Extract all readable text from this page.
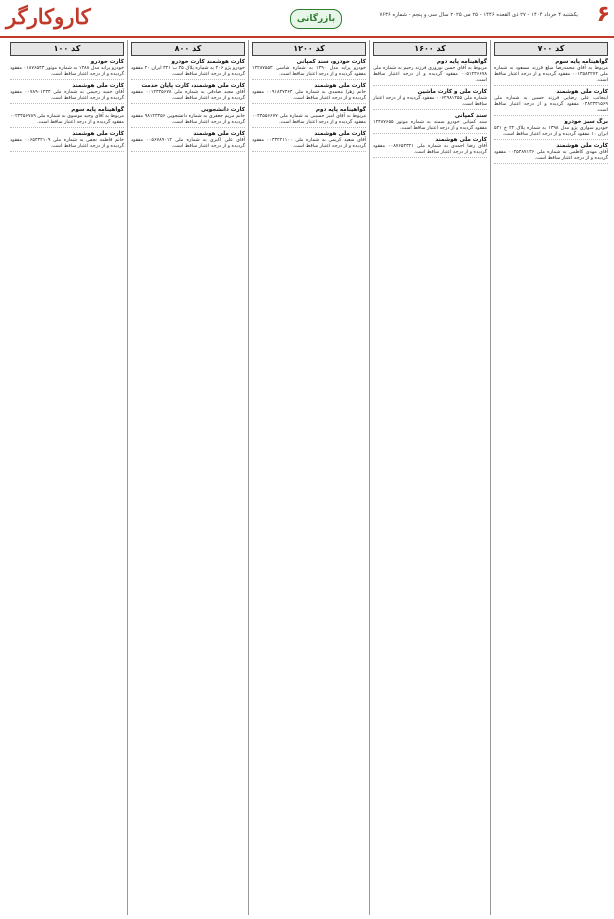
۶
یکشنبه ۴ خرداد ۱۴۰۴ - ۲۷ ذی القعده ۱۴۴۶ - ۲۵ می ۲۰۲۵ سال سی و پنجم - شماره ۷۶۳۶
بازرگانی
کاروکارگر
کد ۷۰۰
گواهینامه پایه سوم
مربوط به آقای محمدرضا مبلغ فرزند مسعود به شماره ملی ۰۰۱۳۵۸۲۲۷۴ مفقود گردیده و از درجه اعتبار ساقط است.
کارت ملی هوشمند
اینجانب علی رضایی فرزند حسین به شماره ملی ۰۴۸۲۳۳۱۵۶۹ مفقود گردیده و از درجه اعتبار ساقط است.
برگ سبز خودرو
خودرو سواری پژو مدل ۱۳۹۸ به شماره پلاک ۲۲ ج ۵۴۱ ایران ۱۰ مفقود گردیده و از درجه اعتبار ساقط است.
کارت ملی هوشمند
آقای مهدی کاظمی به شماره ملی ۰۰۲۵۴۸۷۱۳۶ مفقود گردیده و از درجه اعتبار ساقط است.
کد ۱۶۰۰
گواهینامه پایه دوم
مربوط به آقای حسن نوروزی فرزند رحیم به شماره ملی ۰۰۵۱۲۳۶۶۷۸ مفقود گردیده و از درجه اعتبار ساقط است.
کارت ملی و کارت ماشین
شماره ملی ۰۰۶۲۹۸۱۴۵۵ مفقود گردیده و از درجه اعتبار ساقط است.
سند کمپانی
سند کمپانی خودرو سمند به شماره موتور ۱۲۴۸۷۶۵۵ مفقود گردیده و از درجه اعتبار ساقط است.
کارت ملی هوشمند
آقای رضا احمدی به شماره ملی ۰۰۸۷۶۵۴۳۲۱ مفقود گردیده و از درجه اعتبار ساقط است.
کد ۱۲۰۰
کارت خودرو، سند کمپانی
خودرو پراید مدل ۱۳۹۰ به شماره شاسی ۱۴۲۸۷۵۵۳ مفقود گردیده و از درجه اعتبار ساقط است.
کارت ملی هوشمند
خانم زهرا محمدی به شماره ملی ۰۰۹۱۸۲۷۳۶۴ مفقود گردیده و از درجه اعتبار ساقط است.
گواهینامه پایه دوم
مربوط به آقای امیر حسینی به شماره ملی ۰۰۴۴۵۵۶۶۷۷ مفقود گردیده و از درجه اعتبار ساقط است.
کارت ملی هوشمند
آقای سعید کریمی به شماره ملی ۰۰۳۳۲۲۱۱۰۰ مفقود گردیده و از درجه اعتبار ساقط است.
کد ۸۰۰
کارت هوشمند کارت خودرو
خودرو پژو ۲۰۶ به شماره پلاک ۴۵ ب ۳۲۱ ایران ۲۰ مفقود گردیده و از درجه اعتبار ساقط است.
کارت ملی هوشمند، کارت پایان خدمت
آقای مجید صادقی به شماره ملی ۰۰۱۲۳۴۵۶۷۸ مفقود گردیده و از درجه اعتبار ساقط است.
کارت دانشجویی
خانم مریم جعفری به شماره دانشجویی ۹۸۱۲۳۴۵۶ مفقود گردیده و از درجه اعتبار ساقط است.
کارت ملی هوشمند
آقای علی اکبری به شماره ملی ۰۰۵۶۷۸۹۰۱۲ مفقود گردیده و از درجه اعتبار ساقط است.
کد ۱۰۰
کارت خودرو
خودرو پراید مدل ۱۳۸۸ به شماره موتور ۰۱۸۷۶۵۴۳ مفقود گردیده و از درجه اعتبار ساقط است.
کارت ملی هوشمند
آقای حمید رحیمی به شماره ملی ۰۰۷۸۹۰۱۲۳۴ مفقود گردیده و از درجه اعتبار ساقط است.
گواهینامه پایه سوم
مربوط به آقای وحید موسوی به شماره ملی ۰۰۲۳۴۵۶۷۸۹ مفقود گردیده و از درجه اعتبار ساقط است.
کارت ملی هوشمند
خانم فاطمه نجفی به شماره ملی ۰۰۶۵۴۳۲۱۰۹ مفقود گردیده و از درجه اعتبار ساقط است.
